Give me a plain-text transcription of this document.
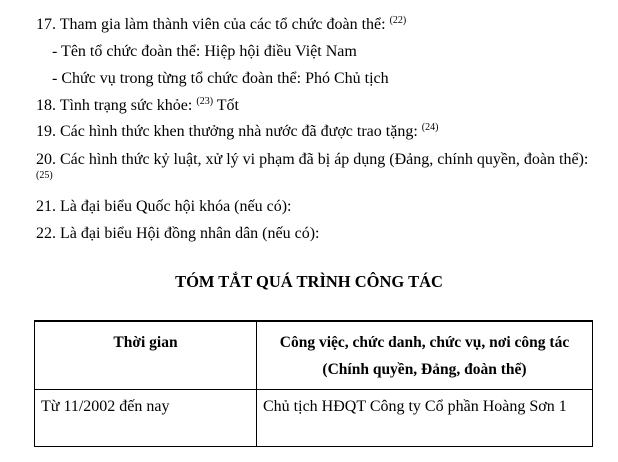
17. Tham gia làm thành viên của các tổ chức đoàn thể: $^{(22)}$
- Tên tổ chức đoàn thể: Hiệp hội điều Việt Nam
- Chức vụ trong từng tổ chức đoàn thể: Phó Chủ tịch
18. Tình trạng sức khỏe: $^{(23)}$ Tốt
19. Các hình thức khen thưởng nhà nước đã được trao tặng: $^{(24)}$
20. Các hình thức kỷ luật, xử lý vi phạm đã bị áp dụng (Đảng, chính quyền, đoàn thể):
(25)
21. Là đại biểu Quốc hội khóa (nếu có):
22. Là đại biểu Hội đồng nhân dân (nếu có):
TÓM TẮT QUÁ TRÌNH CÔNG TÁC
Thời gian	Công việc, chức danh, chức vụ, nơi công tác
(Chính quyền, Đảng, đoàn thể)

Từ 11/2002 đến nay	Chủ tịch HĐQT Công ty Cổ phần Hoàng Sơn 1
